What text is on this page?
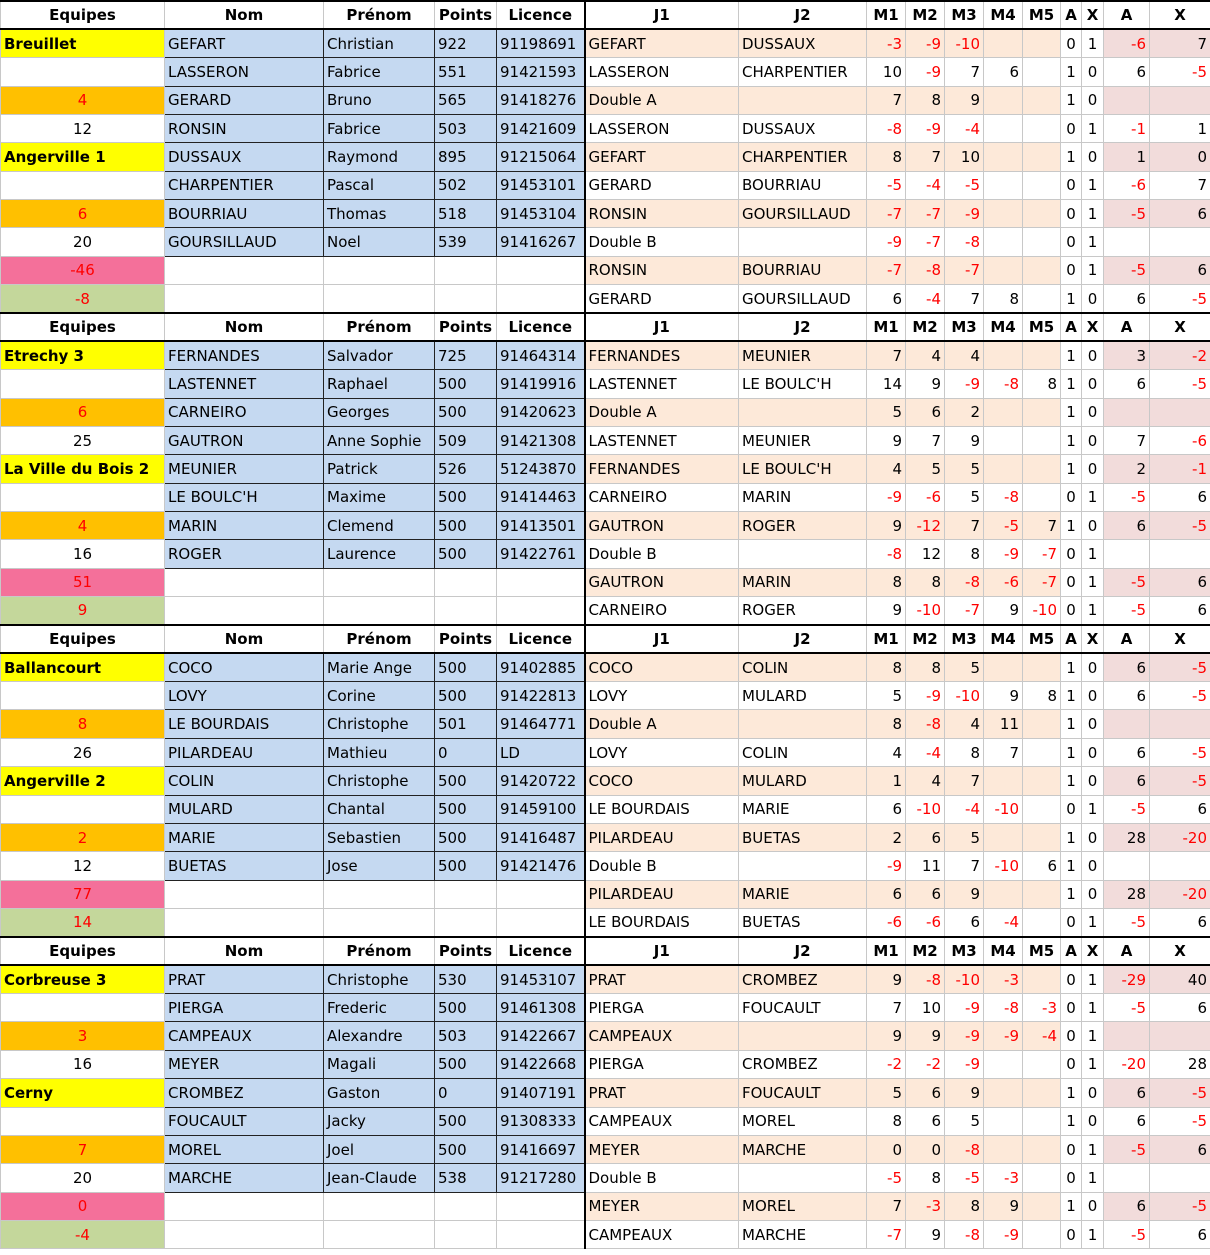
Equipes	Nom	Prénom	Points	Licence	J1	J2	M1	M2	M3	M4	M5	A	X	A	X
Breuillet	GEFART	Christian	922	91198691	GEFART	DUSSAUX	-3	-9	-10			0	1	-6	7
	LASSERON	Fabrice	551	91421593	LASSERON	CHARPENTIER	10	-9	7	6		1	0	6	-5
4	GERARD	Bruno	565	91418276	Double A		7	8	9			1	0		
12	RONSIN	Fabrice	503	91421609	LASSERON	DUSSAUX	-8	-9	-4			0	1	-1	1
Angerville 1	DUSSAUX	Raymond	895	91215064	GEFART	CHARPENTIER	8	7	10			1	0	1	0
	CHARPENTIER	Pascal	502	91453101	GERARD	BOURRIAU	-5	-4	-5			0	1	-6	7
6	BOURRIAU	Thomas	518	91453104	RONSIN	GOURSILLAUD	-7	-7	-9			0	1	-5	6
20	GOURSILLAUD	Noel	539	91416267	Double B		-9	-7	-8			0	1		
-46					RONSIN	BOURRIAU	-7	-8	-7			0	1	-5	6
-8					GERARD	GOURSILLAUD	6	-4	7	8		1	0	6	-5
Equipes	Nom	Prénom	Points	Licence	J1	J2	M1	M2	M3	M4	M5	A	X	A	X
Etrechy 3	FERNANDES	Salvador	725	91464314	FERNANDES	MEUNIER	7	4	4			1	0	3	-2
	LASTENNET	Raphael	500	91419916	LASTENNET	LE BOULC'H	14	9	-9	-8	8	1	0	6	-5
6	CARNEIRO	Georges	500	91420623	Double A		5	6	2			1	0		
25	GAUTRON	Anne Sophie	509	91421308	LASTENNET	MEUNIER	9	7	9			1	0	7	-6
La Ville du Bois 2	MEUNIER	Patrick	526	51243870	FERNANDES	LE BOULC'H	4	5	5			1	0	2	-1
	LE BOULC'H	Maxime	500	91414463	CARNEIRO	MARIN	-9	-6	5	-8		0	1	-5	6
4	MARIN	Clemend	500	91413501	GAUTRON	ROGER	9	-12	7	-5	7	1	0	6	-5
16	ROGER	Laurence	500	91422761	Double B		-8	12	8	-9	-7	0	1		
51					GAUTRON	MARIN	8	8	-8	-6	-7	0	1	-5	6
9					CARNEIRO	ROGER	9	-10	-7	9	-10	0	1	-5	6
Equipes	Nom	Prénom	Points	Licence	J1	J2	M1	M2	M3	M4	M5	A	X	A	X
Ballancourt	COCO	Marie Ange	500	91402885	COCO	COLIN	8	8	5			1	0	6	-5
	LOVY	Corine	500	91422813	LOVY	MULARD	5	-9	-10	9	8	1	0	6	-5
8	LE BOURDAIS	Christophe	501	91464771	Double A		8	-8	4	11		1	0		
26	PILARDEAU	Mathieu	0	LD	LOVY	COLIN	4	-4	8	7		1	0	6	-5
Angerville 2	COLIN	Christophe	500	91420722	COCO	MULARD	1	4	7			1	0	6	-5
	MULARD	Chantal	500	91459100	LE BOURDAIS	MARIE	6	-10	-4	-10		0	1	-5	6
2	MARIE	Sebastien	500	91416487	PILARDEAU	BUETAS	2	6	5			1	0	28	-20
12	BUETAS	Jose	500	91421476	Double B		-9	11	7	-10	6	1	0		
77					PILARDEAU	MARIE	6	6	9			1	0	28	-20
14					LE BOURDAIS	BUETAS	-6	-6	6	-4		0	1	-5	6
Equipes	Nom	Prénom	Points	Licence	J1	J2	M1	M2	M3	M4	M5	A	X	A	X
Corbreuse 3	PRAT	Christophe	530	91453107	PRAT	CROMBEZ	9	-8	-10	-3		0	1	-29	40
	PIERGA	Frederic	500	91461308	PIERGA	FOUCAULT	7	10	-9	-8	-3	0	1	-5	6
3	CAMPEAUX	Alexandre	503	91422667	CAMPEAUX		9	9	-9	-9	-4	0	1		
16	MEYER	Magali	500	91422668	PIERGA	CROMBEZ	-2	-2	-9			0	1	-20	28
Cerny	CROMBEZ	Gaston	0	91407191	PRAT	FOUCAULT	5	6	9			1	0	6	-5
	FOUCAULT	Jacky	500	91308333	CAMPEAUX	MOREL	8	6	5			1	0	6	-5
7	MOREL	Joel	500	91416697	MEYER	MARCHE	0	0	-8			0	1	-5	6
20	MARCHE	Jean-Claude	538	91217280	Double B		-5	8	-5	-3		0	1		
0					MEYER	MOREL	7	-3	8	9		1	0	6	-5
-4					CAMPEAUX	MARCHE	-7	9	-8	-9		0	1	-5	6
